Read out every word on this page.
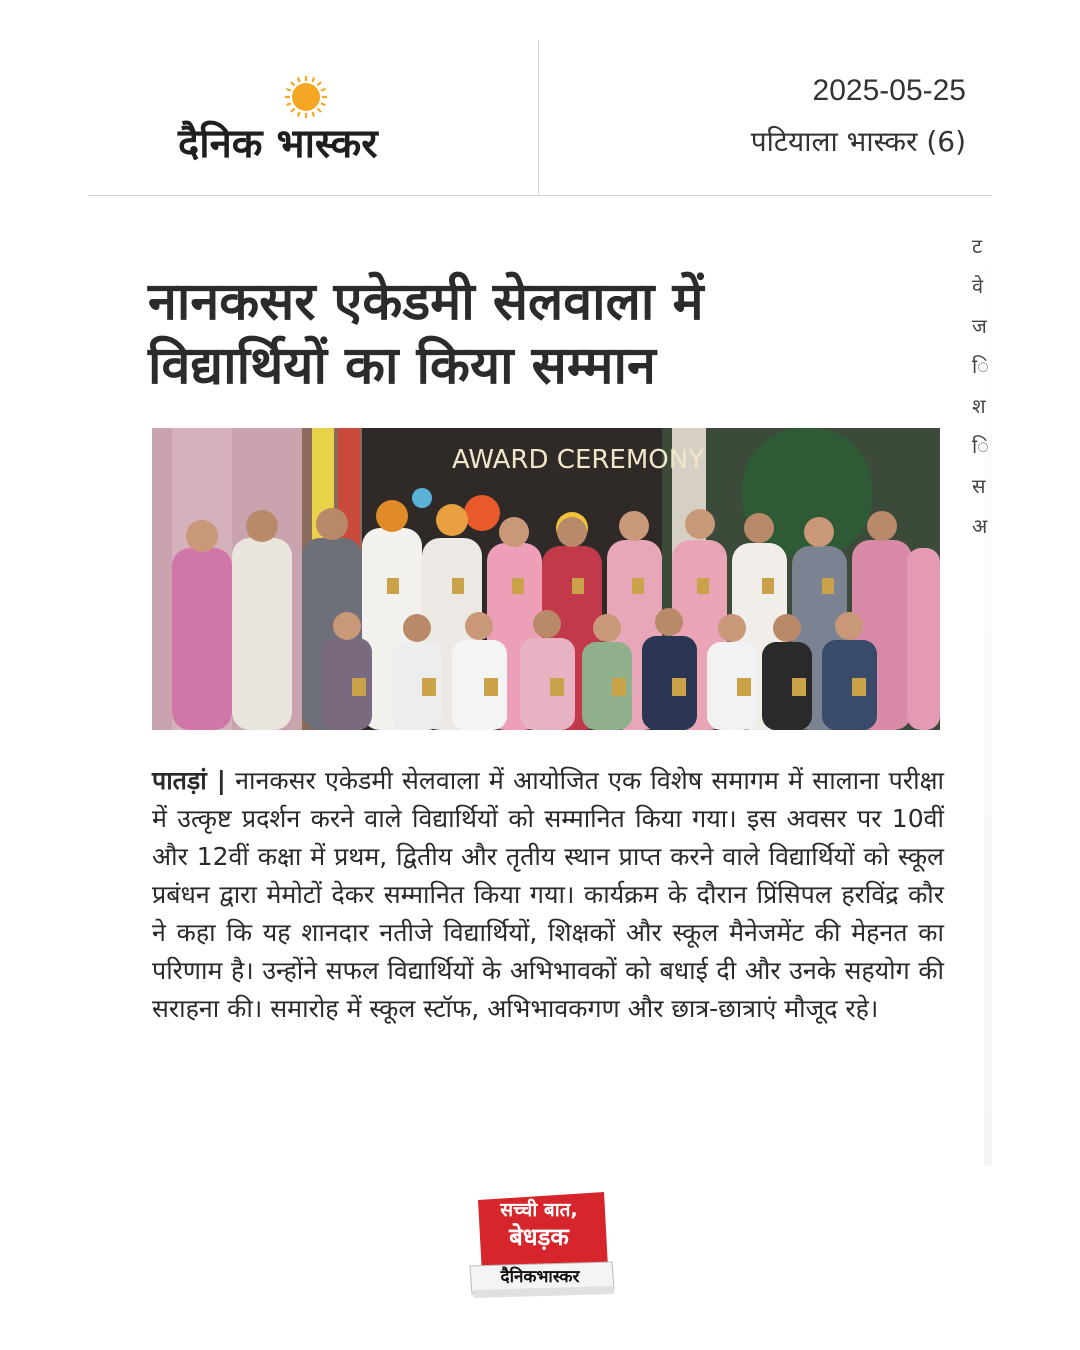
दैनिक भास्कर
2025-05-25
पटियाला भास्कर (6)
नानकसर एकेडमी सेलवाला में
विद्यार्थियों का किया सम्मान
AWARD CEREMONY
पातड़ां | नानकसर एकेडमी सेलवाला में आयोजित एक विशेष समागम में सालाना परीक्षा में उत्कृष्ट प्रदर्शन करने वाले विद्यार्थियों को सम्मानित किया गया। इस अवसर पर 10वीं और 12वीं कक्षा में प्रथम, द्वितीय और तृतीय स्थान प्राप्त करने वाले विद्यार्थियों को स्कूल प्रबंधन द्वारा मेमोटों देकर सम्मानित किया गया। कार्यक्रम के दौरान प्रिंसिपल हरविंद्र कौर ने कहा कि यह शानदार नतीजे विद्यार्थियों, शिक्षकों और स्कूल मैनेजमेंट की मेहनत का परिणाम है। उन्होंने सफल विद्यार्थियों के अभिभावकों को बधाई दी और उनके सहयोग की सराहना की। समारोह में स्कूल स्टॉफ, अभिभावकगण और छात्र-छात्राएं मौजूद रहे।
ट
वे
ज
ि
श
ि
स
अ
सच्ची बात,
बेधड़क
दैनिकभास्कर
